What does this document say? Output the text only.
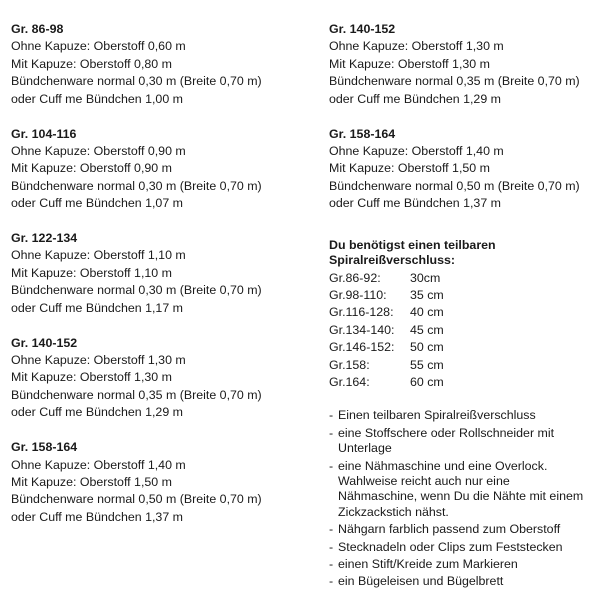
Gr. 86-98
Ohne Kapuze: Oberstoff 0,60 m
Mit Kapuze: Oberstoff 0,80 m
Bündchenware normal 0,30 m (Breite 0,70 m)
oder Cuff me Bündchen 1,00 m
Gr. 104-116
Ohne Kapuze: Oberstoff 0,90 m
Mit Kapuze: Oberstoff 0,90 m
Bündchenware normal 0,30 m (Breite 0,70 m)
oder Cuff me Bündchen 1,07 m
Gr. 122-134
Ohne Kapuze: Oberstoff 1,10 m
Mit Kapuze: Oberstoff 1,10 m
Bündchenware normal 0,30 m (Breite 0,70 m)
oder Cuff me Bündchen 1,17 m
Gr. 140-152
Ohne Kapuze: Oberstoff 1,30 m
Mit Kapuze: Oberstoff 1,30 m
Bündchenware normal 0,35 m (Breite 0,70 m)
oder Cuff me Bündchen 1,29 m
Gr. 158-164
Ohne Kapuze: Oberstoff 1,40 m
Mit Kapuze: Oberstoff 1,50 m
Bündchenware normal 0,50 m (Breite 0,70 m)
oder Cuff me Bündchen 1,37 m
Gr. 140-152
Ohne Kapuze: Oberstoff 1,30 m
Mit Kapuze: Oberstoff 1,30 m
Bündchenware normal 0,35 m (Breite 0,70 m)
oder Cuff me Bündchen 1,29 m
Gr. 158-164
Ohne Kapuze: Oberstoff 1,40 m
Mit Kapuze: Oberstoff 1,50 m
Bündchenware normal 0,50 m (Breite 0,70 m)
oder Cuff me Bündchen 1,37 m
Du benötigst einen teilbaren
Spiralreißverschluss:
Gr.86-92:	30cm
Gr.98-110:	35 cm
Gr.116-128:	40 cm
Gr.134-140:	45 cm
Gr.146-152:	50 cm
Gr.158:	55 cm
Gr.164:	60 cm
- Einen teilbaren Spiralreißverschluss
- eine Stoffschere oder Rollschneider mit
Unterlage
- eine Nähmaschine und eine Overlock.
Wahlweise reicht auch nur eine
Nähmaschine, wenn Du die Nähte mit einem
Zickzackstich nähst.
- Nähgarn farblich passend zum Oberstoff
- Stecknadeln oder Clips zum Feststecken
- einen Stift/Kreide zum Markieren
- ein Bügeleisen und Bügelbrett
